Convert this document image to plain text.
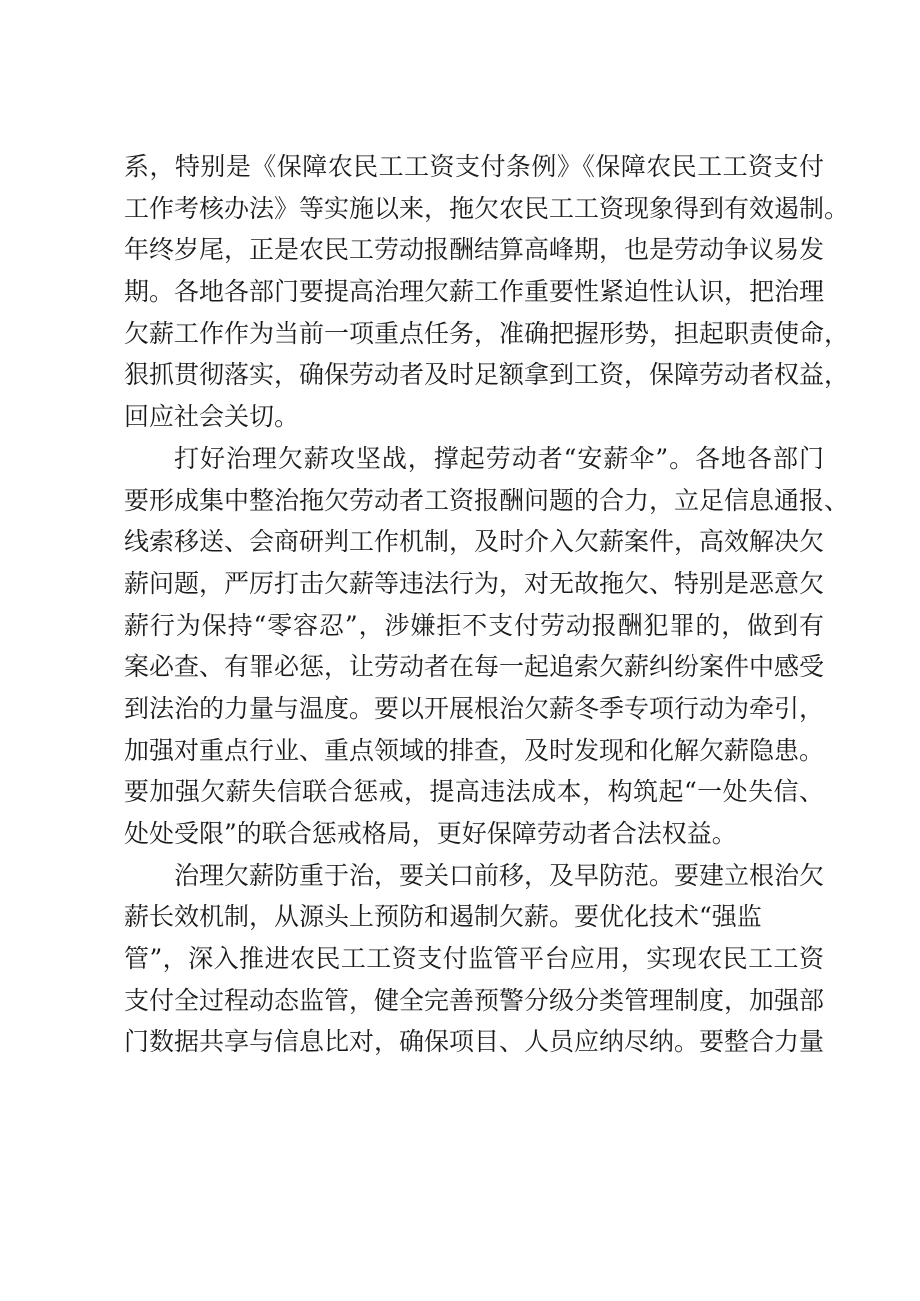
系，特别是《保障农民工工资支付条例》《保障农民工工资支付
工作考核办法》等实施以来，拖欠农民工工资现象得到有效遏制。
年终岁尾，正是农民工劳动报酬结算高峰期，也是劳动争议易发
期。各地各部门要提高治理欠薪工作重要性紧迫性认识，把治理
欠薪工作作为当前一项重点任务，准确把握形势，担起职责使命，
狠抓贯彻落实，确保劳动者及时足额拿到工资，保障劳动者权益，
回应社会关切。
打好治理欠薪攻坚战，撑起劳动者“安薪伞”。各地各部门
要形成集中整治拖欠劳动者工资报酬问题的合力，立足信息通报、
线索移送、会商研判工作机制，及时介入欠薪案件，高效解决欠
薪问题，严厉打击欠薪等违法行为，对无故拖欠、特别是恶意欠
薪行为保持“零容忍”，涉嫌拒不支付劳动报酬犯罪的，做到有
案必查、有罪必惩，让劳动者在每一起追索欠薪纠纷案件中感受
到法治的力量与温度。要以开展根治欠薪冬季专项行动为牵引，
加强对重点行业、重点领域的排查，及时发现和化解欠薪隐患。
要加强欠薪失信联合惩戒，提高违法成本，构筑起“一处失信、
处处受限”的联合惩戒格局，更好保障劳动者合法权益。
治理欠薪防重于治，要关口前移，及早防范。要建立根治欠
薪长效机制，从源头上预防和遏制欠薪。要优化技术“强监
管”，深入推进农民工工资支付监管平台应用，实现农民工工资
支付全过程动态监管，健全完善预警分级分类管理制度，加强部
门数据共享与信息比对，确保项目、人员应纳尽纳。要整合力量
